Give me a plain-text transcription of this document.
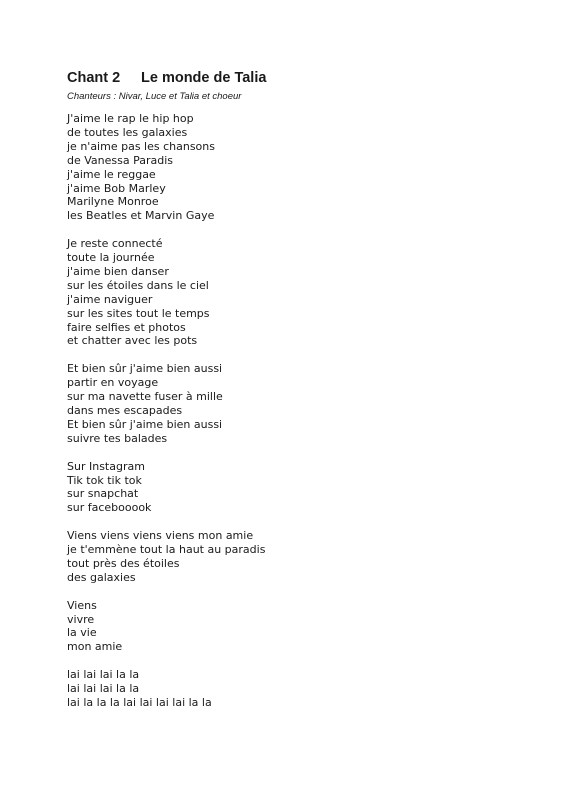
Chant 2 Le monde de Talia
Chanteurs : Nivar, Luce et Talia et choeur
J'aime le rap le hip hop
de toutes les galaxies
je n'aime pas les chansons
de Vanessa Paradis
j'aime le reggae
j'aime Bob Marley
Marilyne Monroe
les Beatles et Marvin Gaye
Je reste connecté
toute la journée
j'aime bien danser
sur les étoiles dans le ciel
j'aime naviguer
sur les sites tout le temps
faire selfies et photos
et chatter avec les pots
Et bien sûr j'aime bien aussi
partir en voyage
sur ma navette fuser à mille
dans mes escapades
Et bien sûr j'aime bien aussi
suivre tes balades
Sur Instagram
Tik tok tik tok
sur snapchat
sur facebooook
Viens viens viens viens mon amie
je t'emmène tout la haut au paradis
tout près des étoiles
des galaxies
Viens
vivre
la vie
mon amie
lai lai lai la la
lai lai lai la la
lai la la la lai lai lai lai la la
